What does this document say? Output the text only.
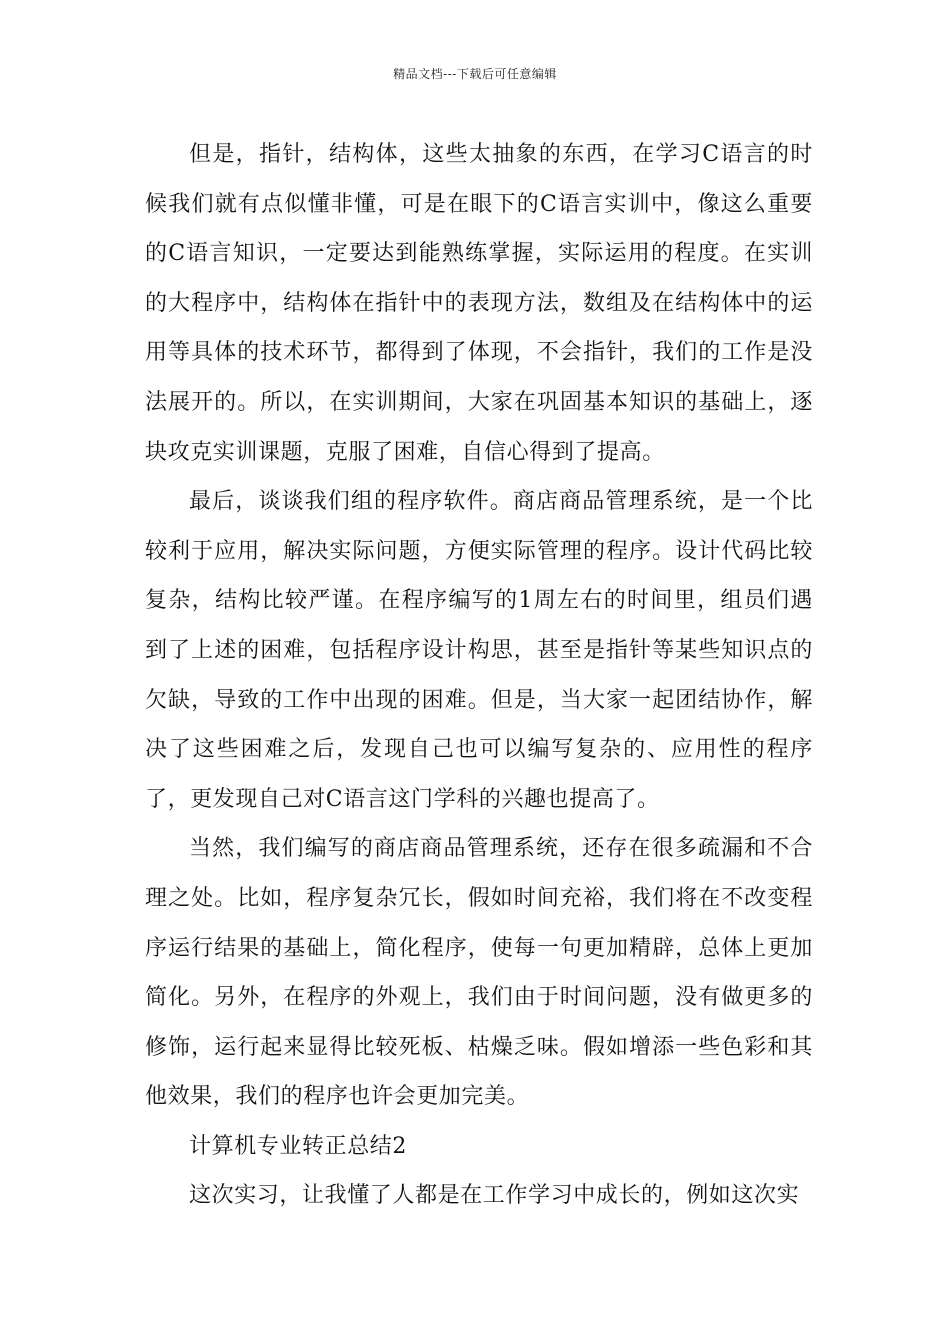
精品文档---下载后可任意编辑

但是，指针，结构体，这些太抽象的东西，在学习C语言的时候我们就有点似懂非懂，可是在眼下的C语言实训中，像这么重要的C语言知识，一定要达到能熟练掌握，实际运用的程度。在实训的大程序中，结构体在指针中的表现方法，数组及在结构体中的运用等具体的技术环节，都得到了体现，不会指针，我们的工作是没法展开的。所以，在实训期间，大家在巩固基本知识的基础上，逐块攻克实训课题，克服了困难，自信心得到了提高。

最后，谈谈我们组的程序软件。商店商品管理系统，是一个比较利于应用，解决实际问题，方便实际管理的程序。设计代码比较复杂，结构比较严谨。在程序编写的1周左右的时间里，组员们遇到了上述的困难，包括程序设计构思，甚至是指针等某些知识点的欠缺，导致的工作中出现的困难。但是，当大家一起团结协作，解决了这些困难之后，发现自己也可以编写复杂的、应用性的程序了，更发现自己对C语言这门学科的兴趣也提高了。

当然，我们编写的商店商品管理系统，还存在很多疏漏和不合理之处。比如，程序复杂冗长，假如时间充裕，我们将在不改变程序运行结果的基础上，简化程序，使每一句更加精辟，总体上更加简化。另外，在程序的外观上，我们由于时间问题，没有做更多的修饰，运行起来显得比较死板、枯燥乏味。假如增添一些色彩和其他效果，我们的程序也许会更加完美。

计算机专业转正总结2

这次实习，让我懂了人都是在工作学习中成长的，例如这次实
